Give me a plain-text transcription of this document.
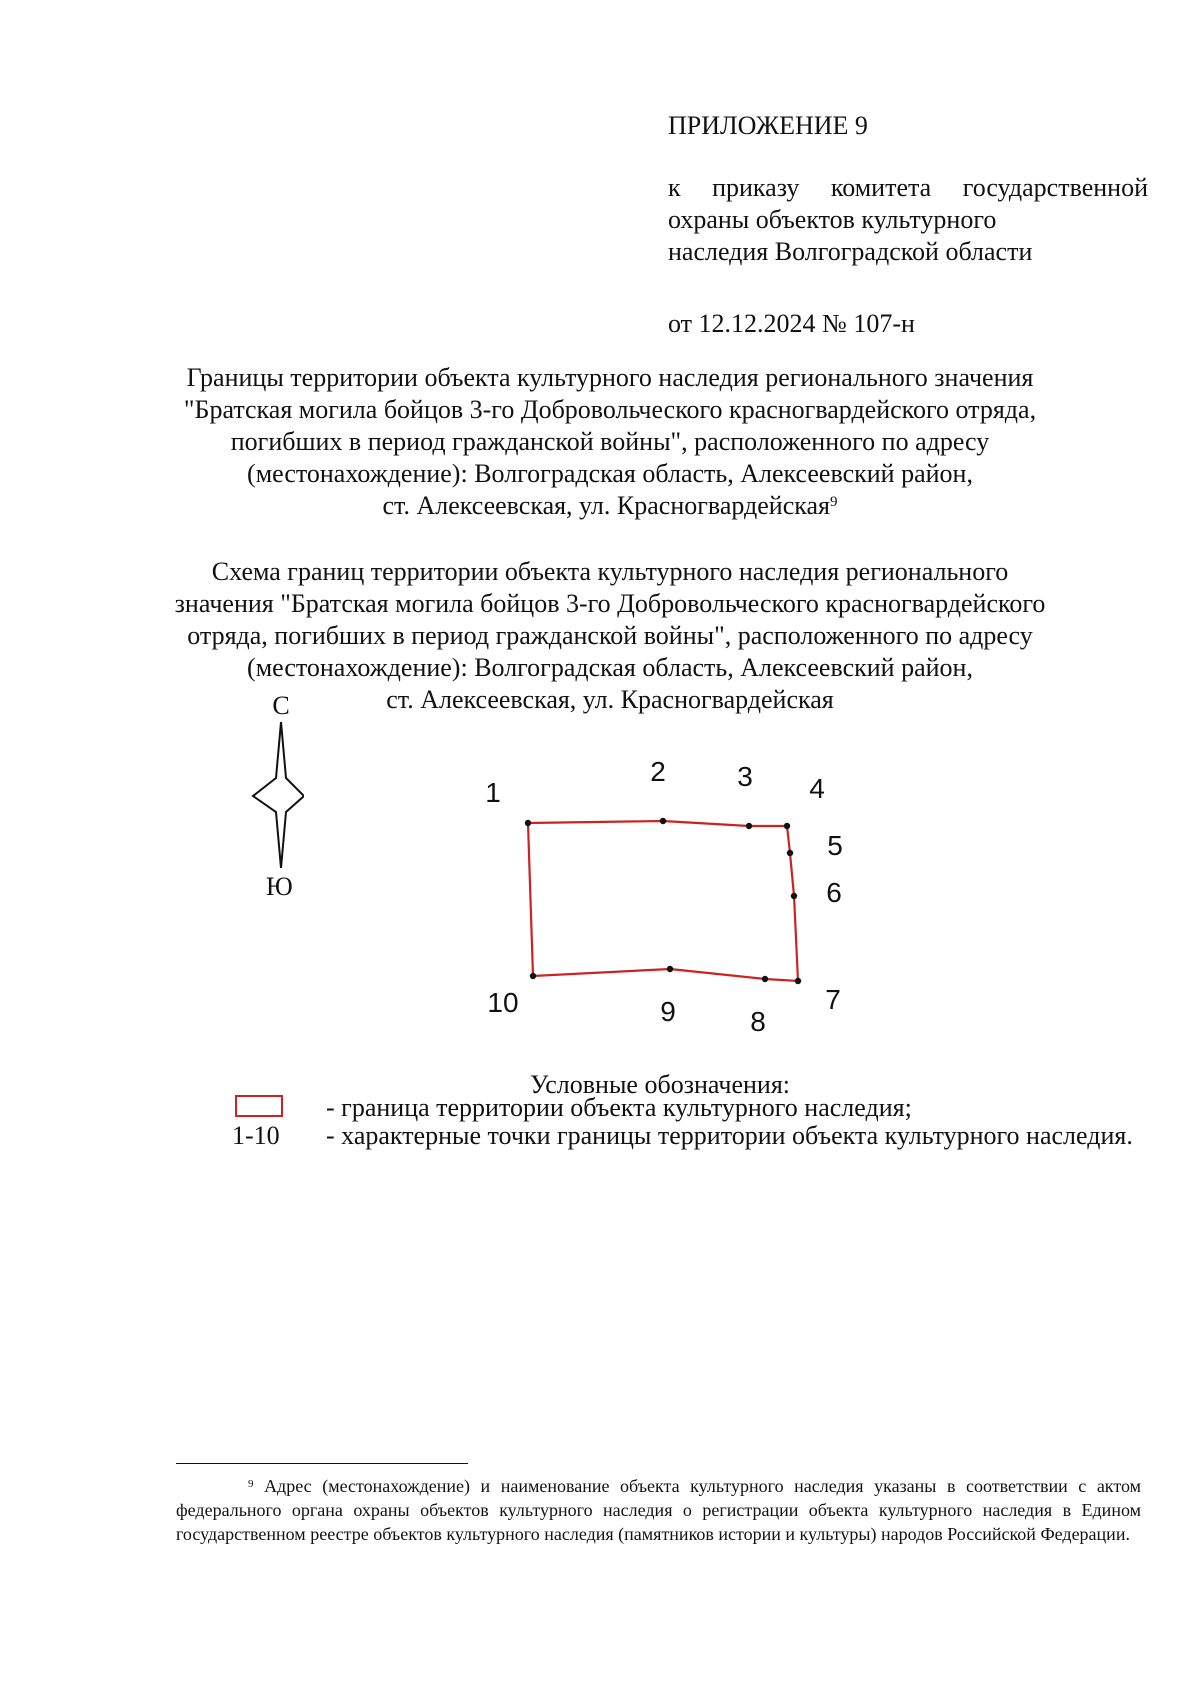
ПРИЛОЖЕНИЕ 9
к приказу комитета государственной
охраны объектов культурного
наследия Волгоградской области
от 12.12.2024 № 107-н
Границы территории объекта культурного наследия регионального значения
"Братская могила бойцов 3-го Добровольческого красногвардейского отряда,
погибших в период гражданской войны", расположенного по адресу
(местонахождение): Волгоградская область, Алексеевский район,
ст. Алексеевская, ул. Красногвардейская$^9$
Схема границ территории объекта культурного наследия регионального
значения "Братская могила бойцов 3-го Добровольческого красногвардейского
отряда, погибших в период гражданской войны", расположенного по адресу
(местонахождение): Волгоградская область, Алексеевский район,
ст. Алексеевская, ул. Красногвардейская
С
Ю
1
2	3 4
5
6
7
8
9
10
Условные обозначения:
- граница территории объекта культурного наследия;
1-10 - характерные точки границы территории объекта культурного наследия.
$^9$ Адрес (местонахождение) и наименование объекта культурного наследия указаны в соответствии с актом федерального органа охраны объектов культурного наследия о регистрации объекта культурного наследия в Едином государственном реестре объектов культурного наследия (памятников истории и культуры) народов Российской Федерации.
